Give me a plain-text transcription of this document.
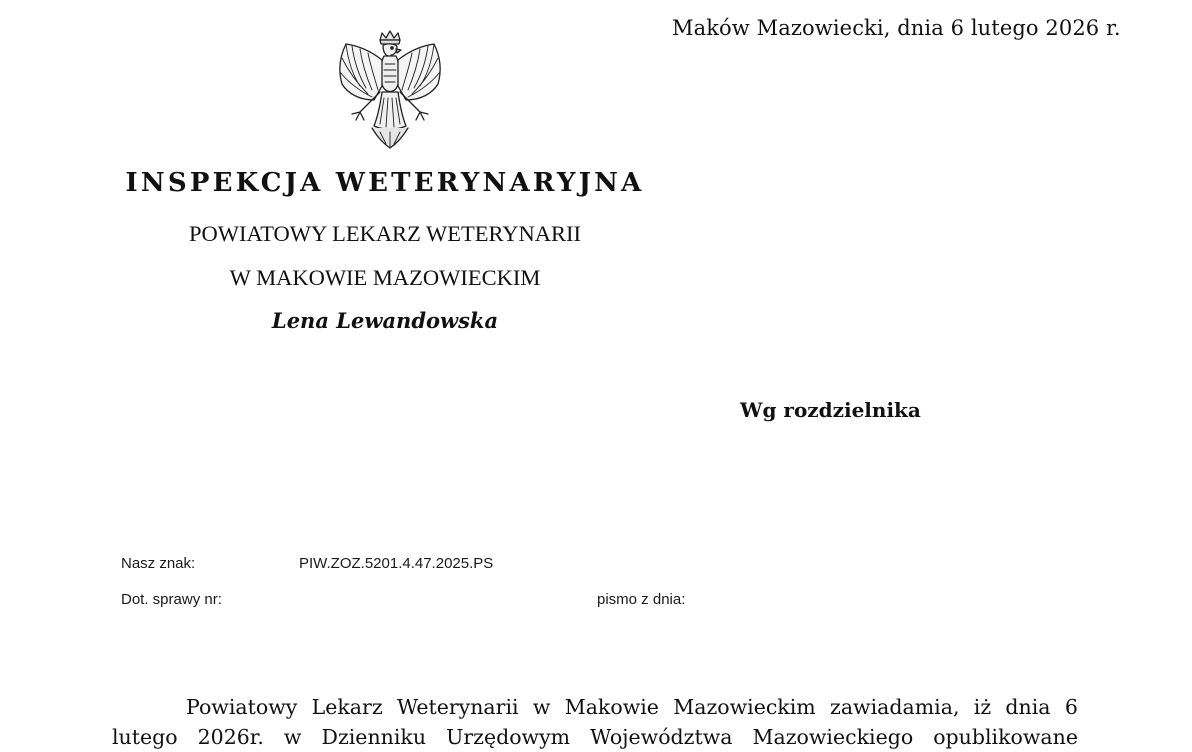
Maków Mazowiecki, dnia 6 lutego 2026 r.
INSPEKCJA WETERYNARYJNA
POWIATOWY LEKARZ WETERYNARII
W MAKOWIE MAZOWIECKIM
Lena Lewandowska
Wg rozdzielnika
Nasz znak:	PIW.ZOZ.5201.4.47.2025.PS
Dot. sprawy nr:	pismo z dnia:
Powiatowy Lekarz Weterynarii w Makowie Mazowieckim zawiadamia, iż dnia 6
lutego 2026r. w Dzienniku Urzędowym Województwa Mazowieckiego opublikowane
